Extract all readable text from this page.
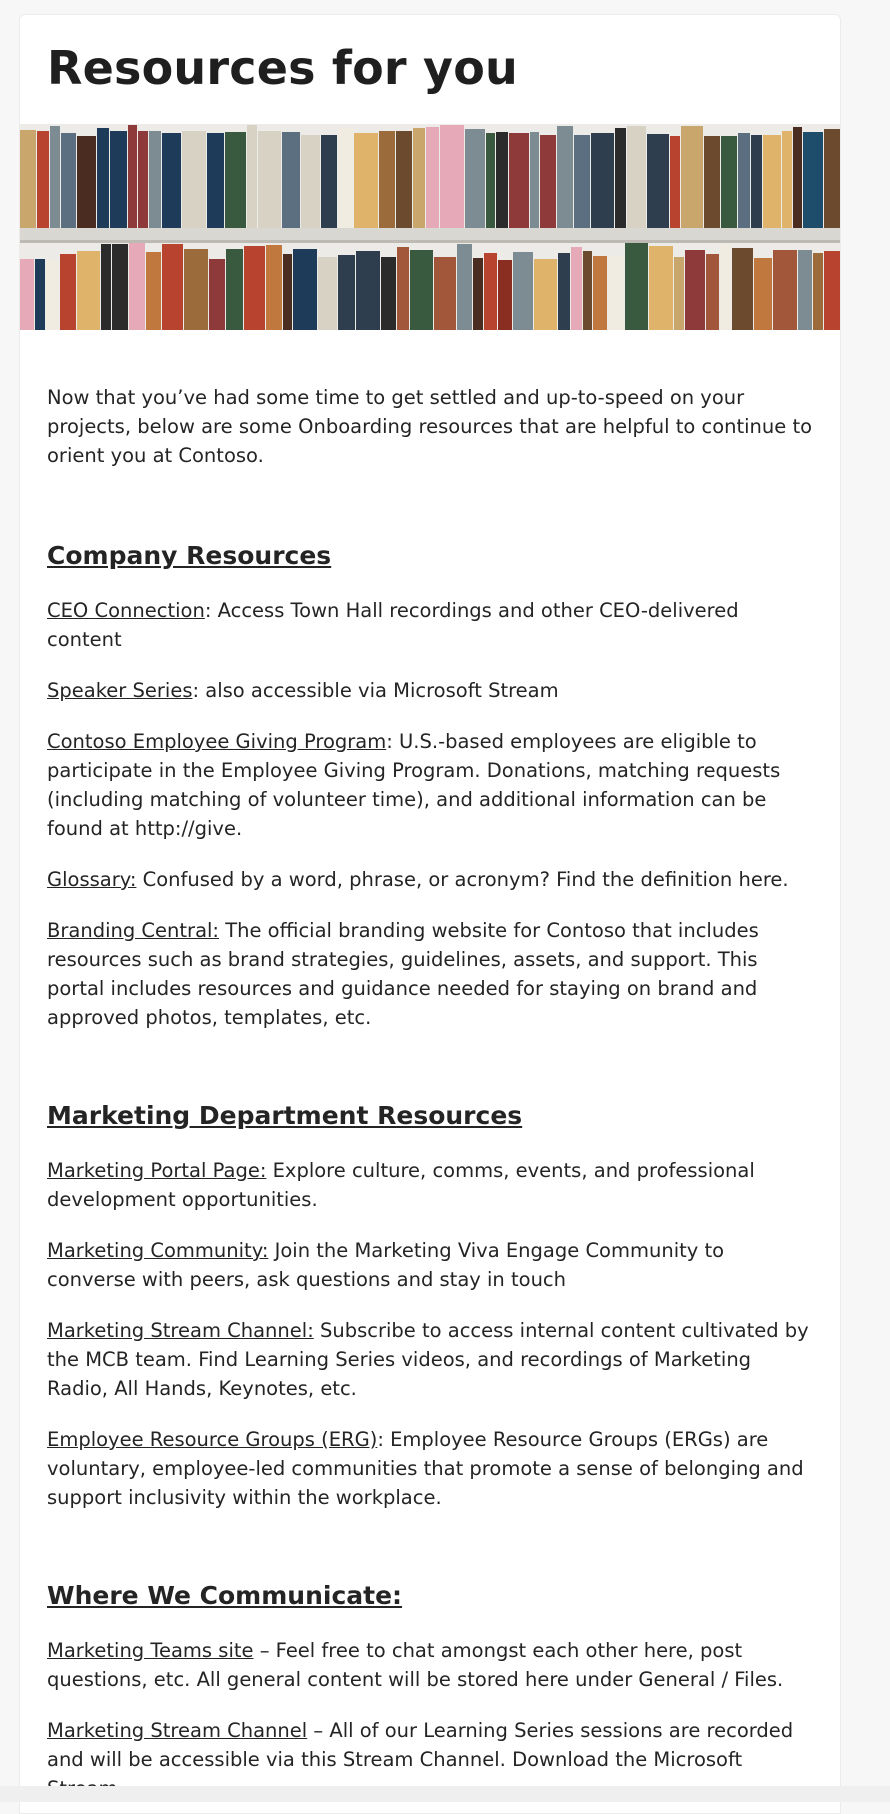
Resources for you

Now that you’ve had some time to get settled and up-to-speed on your projects, below are some Onboarding resources that are helpful to continue to orient you at Contoso.

Company Resources

CEO Connection: Access Town Hall recordings and other CEO-delivered content

Speaker Series: also accessible via Microsoft Stream

Contoso Employee Giving Program: U.S.-based employees are eligible to participate in the Employee Giving Program. Donations, matching requests (including matching of volunteer time), and additional information can be found at http://give.

Glossary: Confused by a word, phrase, or acronym? Find the definition here.

Branding Central: The official branding website for Contoso that includes resources such as brand strategies, guidelines, assets, and support. This portal includes resources and guidance needed for staying on brand and approved photos, templates, etc.

Marketing Department Resources

Marketing Portal Page: Explore culture, comms, events, and professional development opportunities.

Marketing Community: Join the Marketing Viva Engage Community to converse with peers, ask questions and stay in touch

Marketing Stream Channel: Subscribe to access internal content cultivated by the MCB team. Find Learning Series videos, and recordings of Marketing Radio, All Hands, Keynotes, etc.

Employee Resource Groups (ERG): Employee Resource Groups (ERGs) are voluntary, employee-led communities that promote a sense of belonging and support inclusivity within the workplace.

Where We Communicate:

Marketing Teams site – Feel free to chat amongst each other here, post questions, etc. All general content will be stored here under General / Files.

Marketing Stream Channel – All of our Learning Series sessions are recorded and will be accessible via this Stream Channel. Download the Microsoft
